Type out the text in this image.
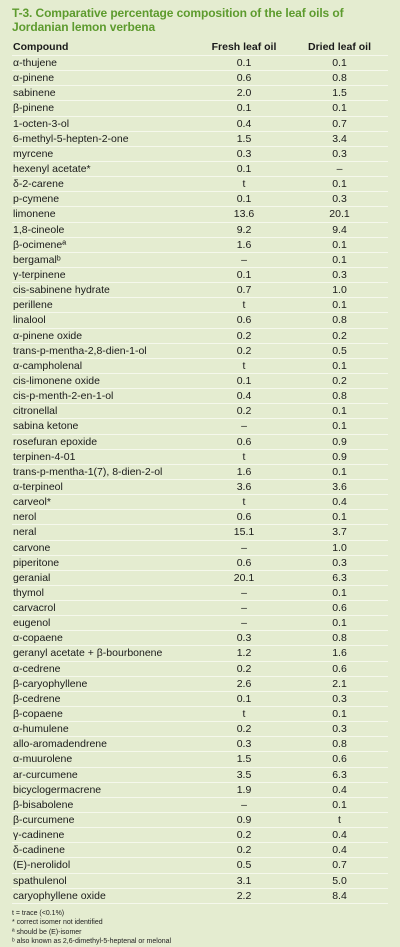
T-3. Comparative percentage composition of the leaf oils of Jordanian lemon verbena
Compound	Fresh leaf oil	Dried leaf oil
α-thujene	0.1	0.1
α-pinene	0.6	0.8
sabinene	2.0	1.5
β-pinene	0.1	0.1
1-octen-3-ol	0.4	0.7
6-methyl-5-hepten-2-one	1.5	3.4
myrcene	0.3	0.3
hexenyl acetate*	0.1	–
δ-2-carene	t	0.1
p-cymene	0.1	0.3
limonene	13.6	20.1
1,8-cineole	9.2	9.4
β-ocimeneª	1.6	0.1
bergamalᵇ	–	0.1
γ-terpinene	0.1	0.3
cis-sabinene hydrate	0.7	1.0
perillene	t	0.1
linalool	0.6	0.8
α-pinene oxide	0.2	0.2
trans-p-mentha-2,8-dien-1-ol	0.2	0.5
α-campholenal	t	0.1
cis-limonene oxide	0.1	0.2
cis-p-menth-2-en-1-ol	0.4	0.8
citronellal	0.2	0.1
sabina ketone	–	0.1
rosefuran epoxide	0.6	0.9
terpinen-4-01	t	0.9
trans-p-mentha-1(7), 8-dien-2-ol	1.6	0.1
α-terpineol	3.6	3.6
carveol*	t	0.4
nerol	0.6	0.1
neral	15.1	3.7
carvone	–	1.0
piperitone	0.6	0.3
geranial	20.1	6.3
thymol	–	0.1
carvacrol	–	0.6
eugenol	–	0.1
α-copaene	0.3	0.8
geranyl acetate + β-bourbonene	1.2	1.6
α-cedrene	0.2	0.6
β-caryophyllene	2.6	2.1
β-cedrene	0.1	0.3
β-copaene	t	0.1
α-humulene	0.2	0.3
allo-aromadendrene	0.3	0.8
α-muurolene	1.5	0.6
ar-curcumene	3.5	6.3
bicyclogermacrene	1.9	0.4
β-bisabolene	–	0.1
β-curcumene	0.9	t
γ-cadinene	0.2	0.4
δ-cadinene	0.2	0.4
(E)-nerolidol	0.5	0.7
spathulenol	3.1	5.0
caryophyllene oxide	2.2	8.4
t = trace (<0.1%)
* correct isomer not identified
ª should be (E)-isomer
ᵇ also known as 2,6-dimethyl-5-heptenal or melonal
